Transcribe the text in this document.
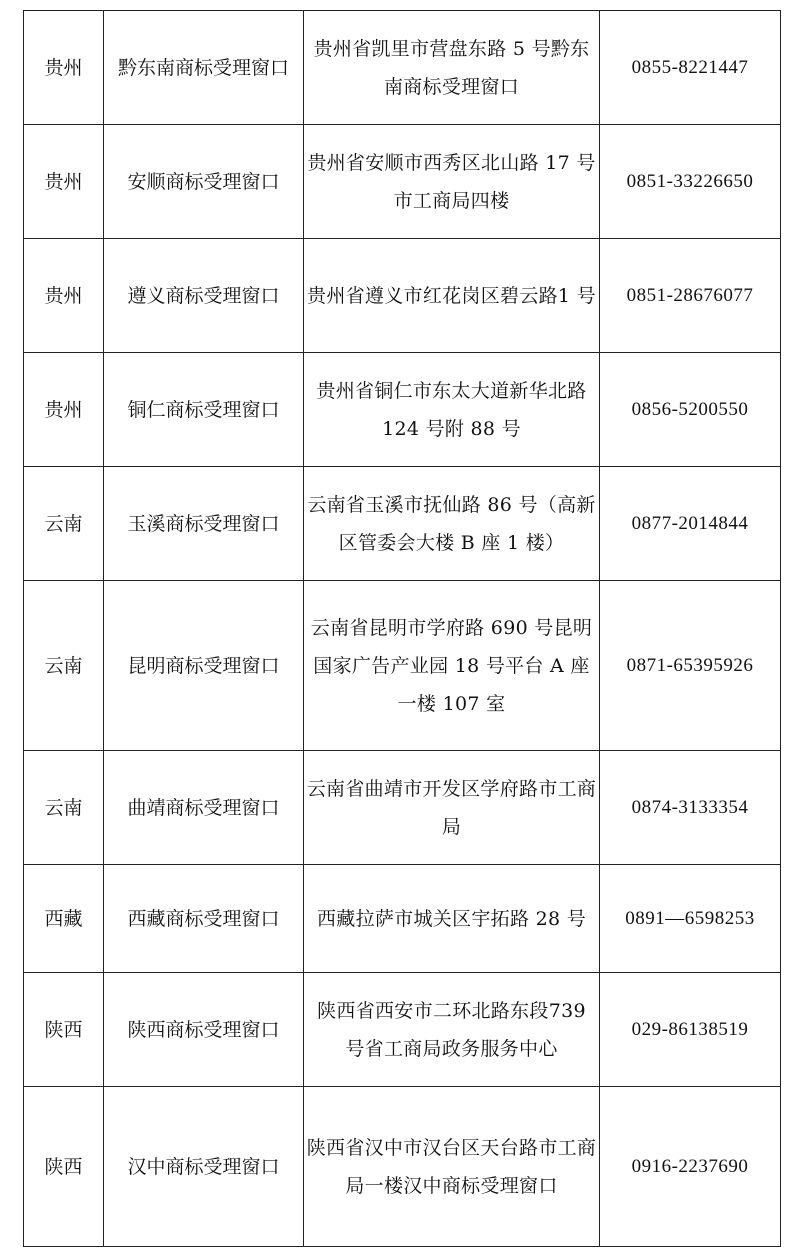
贵州	黔东南商标受理窗口	贵州省凯里市营盘东路 5 号黔东南商标受理窗口	0855-8221447
贵州	安顺商标受理窗口	贵州省安顺市西秀区北山路 17 号市工商局四楼	0851-33226650
贵州	遵义商标受理窗口	贵州省遵义市红花岗区碧云路1 号	0851-28676077
贵州	铜仁商标受理窗口	贵州省铜仁市东太大道新华北路 124 号附 88 号	0856-5200550
云南	玉溪商标受理窗口	云南省玉溪市抚仙路 86 号（高新区管委会大楼 B 座 1 楼）	0877-2014844
云南	昆明商标受理窗口	云南省昆明市学府路 690 号昆明国家广告产业园 18 号平台 A 座一楼 107 室	0871-65395926
云南	曲靖商标受理窗口	云南省曲靖市开发区学府路市工商局	0874-3133354
西藏	西藏商标受理窗口	西藏拉萨市城关区宇拓路 28 号	0891—6598253
陕西	陕西商标受理窗口	陕西省西安市二环北路东段739 号省工商局政务服务中心	029-86138519
陕西	汉中商标受理窗口	陕西省汉中市汉台区天台路市工商局一楼汉中商标受理窗口	0916-2237690
